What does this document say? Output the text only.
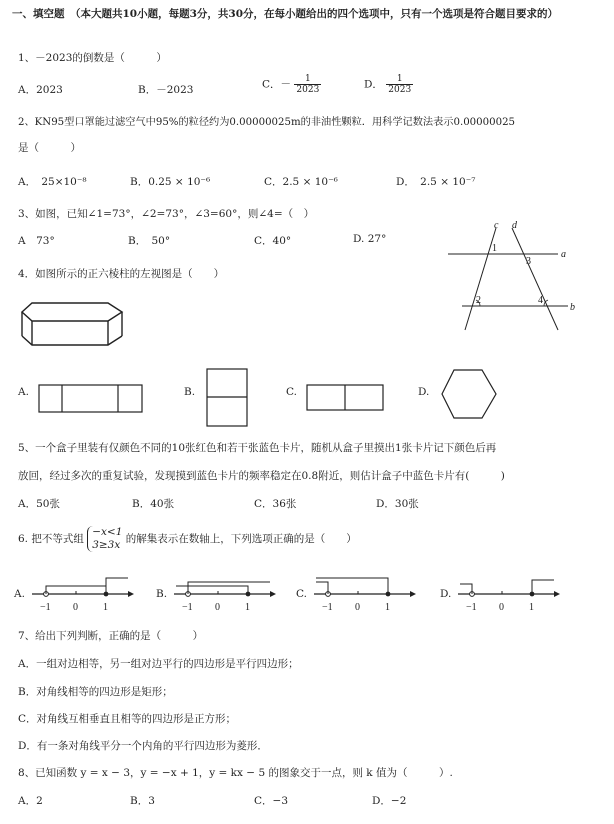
一、填空题 （本大题共10小题，每题3分，共30分，在每小题给出的四个选项中，只有一个选项是符合题目要求的）
1、－2023的倒数是（　　　）
A．2023	B．－2023	C．－ $\frac{1}{2023}$	D． $\frac{1}{2023}$
2、KN95型口罩能过滤空气中95%的粒径约为0.00000025m的非油性颗粒．用科学记数法表示0.00000025
是（　　　）
A．　25×10⁻⁸	B．0.25 × 10⁻⁶	C．2.5 × 10⁻⁶	D．　2.5 × 10⁻⁷
3、如图，已知∠1=73°，∠2=73°，∠3=60°，则∠4=（　）
A　73°	B．　50°	C．40°	D. 27°
c d
a
b
1
2
3
4
4．如图所示的正六棱柱的左视图是（　　）
A.	B.	C.	D.
5、一个盒子里装有仅颜色不同的10张红色和若干张蓝色卡片，随机从盒子里摸出1张卡片记下颜色后再
放回，经过多次的重复试验，发现摸到蓝色卡片的频率稳定在0.8附近，则估计盒子中蓝色卡片有(　　　)
A．50张	B．40张	C．36张	D．30张
6. 把不等式组
−x<1
3≥3x 的解集表示在数轴上，下列选项正确的是（　　）
A.
−1 0	1
B.
−1 0	1
C.
−1 0	1
D.
−1 0	1
7、给出下列判断，正确的是（　　　）
A．一组对边相等，另一组对边平行的四边形是平行四边形；
B．对角线相等的四边形是矩形；
C．对角线互相垂直且相等的四边形是正方形；
D．有一条对角线平分一个内角的平行四边形为菱形．
8、已知函数 y = x − 3，y = −x + 1，y = kx − 5 的图象交于一点，则 k 值为（　　　）.
A．2	B．3	C．−3	D．−2
